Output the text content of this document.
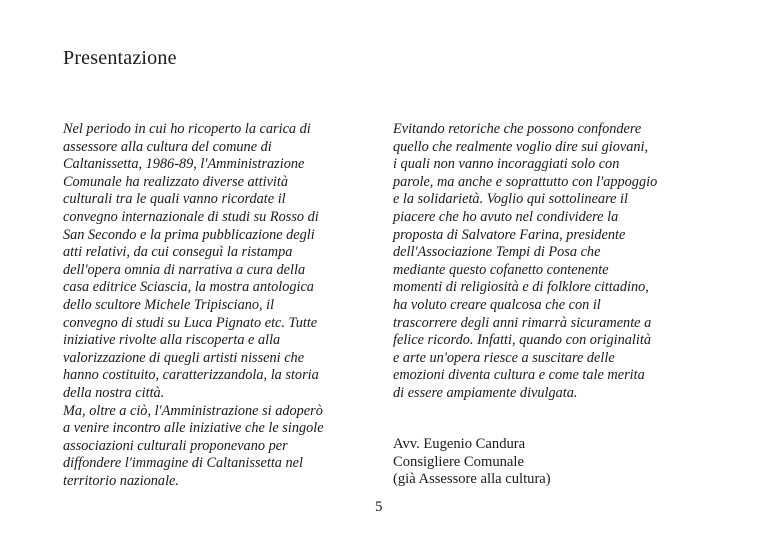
Presentazione
Nel periodo in cui ho ricoperto la carica di
assessore alla cultura del comune di
Caltanissetta, 1986-89, l'Amministrazione
Comunale ha realizzato diverse attività
culturali tra le quali vanno ricordate il
convegno internazionale di studi su Rosso di
San Secondo e la prima pubblicazione degli
atti relativi, da cui conseguì la ristampa
dell'opera omnia di narrativa a cura della
casa editrice Sciascia, la mostra antologica
dello scultore Michele Tripisciano, il
convegno di studi su Luca Pignato etc. Tutte
iniziative rivolte alla riscoperta e alla
valorizzazione di quegli artisti nisseni che
hanno costituito, caratterizzandola, la storia
della nostra città.
Ma, oltre a ciò, l'Amministrazione si adoperò
a venire incontro alle iniziative che le singole
associazioni culturali proponevano per
diffondere l'immagine di Caltanissetta nel
territorio nazionale.
Evitando retoriche che possono confondere
quello che realmente voglio dire sui giovani,
i quali non vanno incoraggiati solo con
parole, ma anche e soprattutto con l'appoggio
e la solidarietà. Voglio qui sottolineare il
piacere che ho avuto nel condividere la
proposta di Salvatore Farina, presidente
dell'Associazione Tempi di Posa che
mediante questo cofanetto contenente
momenti di religiosità e di folklore cittadino,
ha voluto creare qualcosa che con il
trascorrere degli anni rimarrà sicuramente a
felice ricordo. Infatti, quando con originalità
e arte un'opera riesce a suscitare delle
emozioni diventa cultura e come tale merita
di essere ampiamente divulgata.
Avv. Eugenio Candura
Consigliere Comunale
(già Assessore alla cultura)
5
